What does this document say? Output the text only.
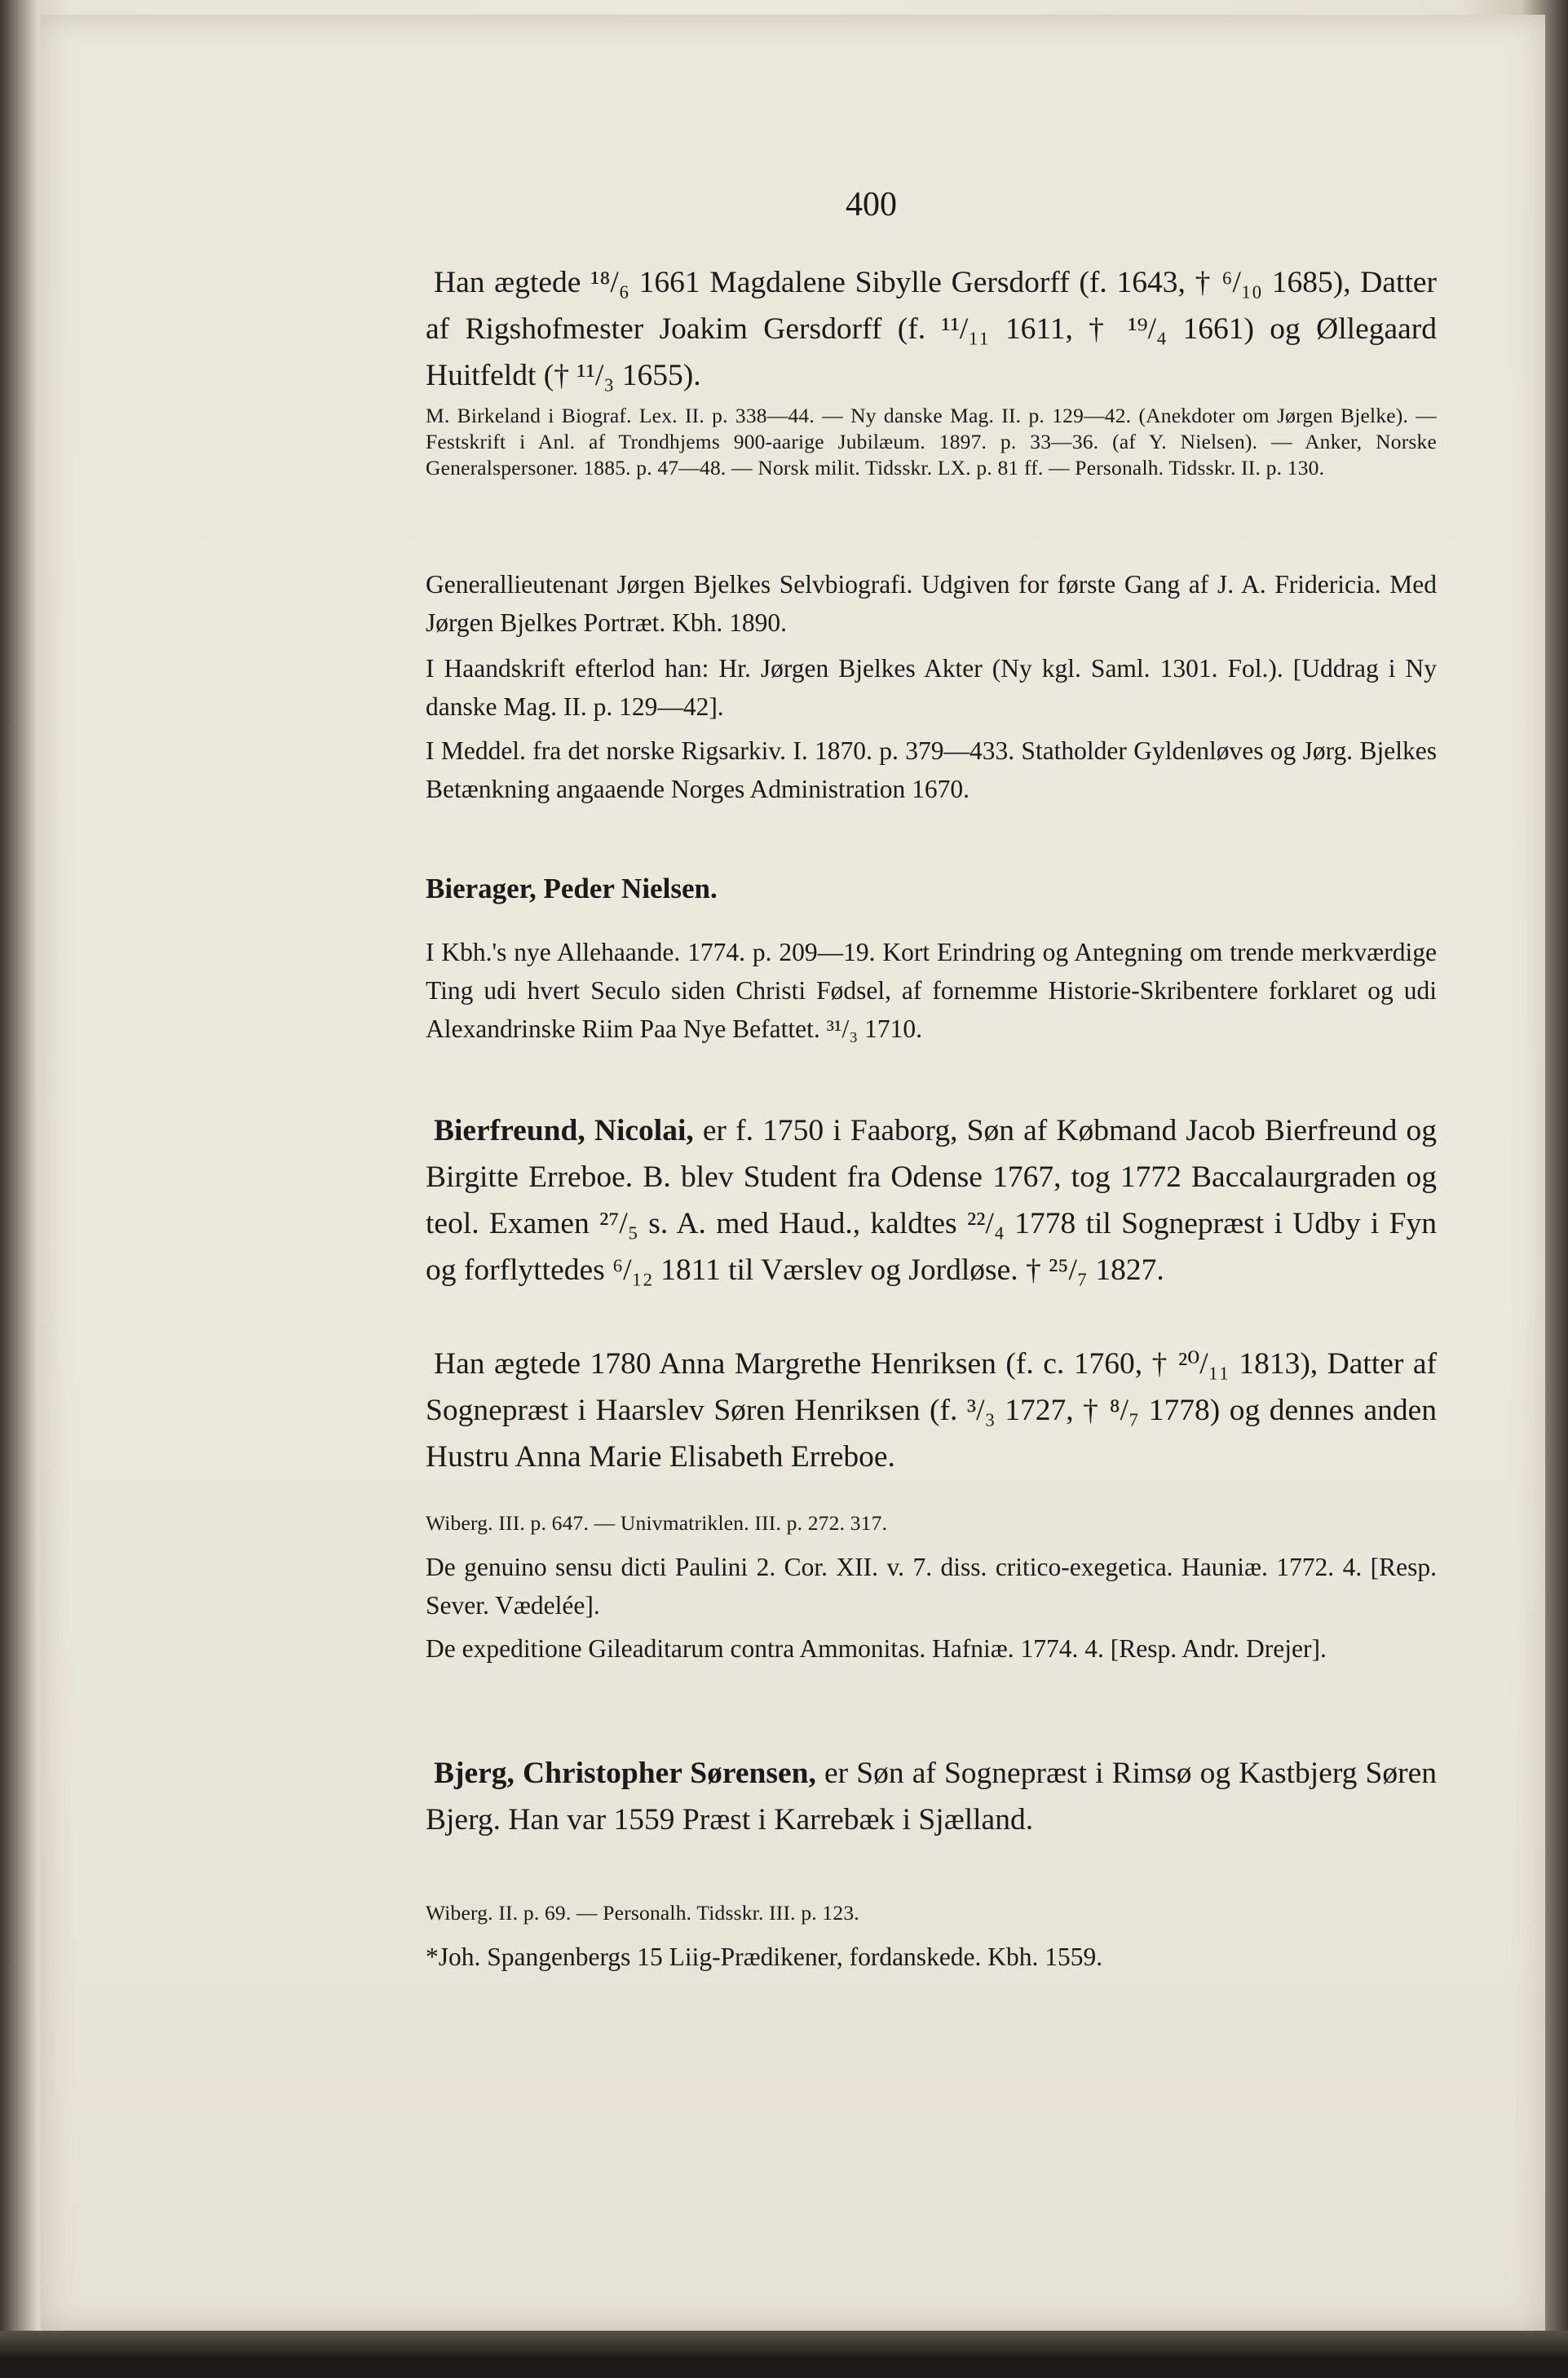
400

Han ægtede ¹⁸/₆ 1661 Magdalene Sibylle Gersdorff (f. 1643, † ⁶/₁₀ 1685), Datter af Rigshofmester Joakim Gersdorff (f. ¹¹/₁₁ 1611, † ¹⁹/₄ 1661) og Øllegaard Huitfeldt († ¹¹/₃ 1655).

M. Birkeland i Biograf. Lex. II. p. 338—44. — Ny danske Mag. II. p. 129—42. (Anekdoter om Jørgen Bjelke). — Festskrift i Anl. af Trondhjems 900-aarige Jubilæum. 1897. p. 33—36. (af Y. Nielsen). — Anker, Norske Generalspersoner. 1885. p. 47—48. — Norsk milit. Tidsskr. LX. p. 81 ff. — Personalh. Tidsskr. II. p. 130.

Generallieutenant Jørgen Bjelkes Selvbiografi. Udgiven for første Gang af J. A. Fridericia. Med Jørgen Bjelkes Portræt. Kbh. 1890.

I Haandskrift efterlod han: Hr. Jørgen Bjelkes Akter (Ny kgl. Saml. 1301. Fol.). [Uddrag i Ny danske Mag. II. p. 129—42].

I Meddel. fra det norske Rigsarkiv. I. 1870. p. 379—433. Statholder Gyldenløves og Jørg. Bjelkes Betænkning angaaende Norges Administration 1670.

Bierager, Peder Nielsen.

I Kbh.'s nye Allehaande. 1774. p. 209—19. Kort Erindring og Antegning om trende merkværdige Ting udi hvert Seculo siden Christi Fødsel, af fornemme Historie-Skribentere forklaret og udi Alexandrinske Riim Paa Nye Befattet. ³¹/₃ 1710.

Bierfreund, Nicolai, er f. 1750 i Faaborg, Søn af Købmand Jacob Bierfreund og Birgitte Erreboe. B. blev Student fra Odense 1767, tog 1772 Baccalaurgraden og teol. Examen ²⁷/₅ s. A. med Haud., kaldtes ²²/₄ 1778 til Sognepræst i Udby i Fyn og forflyttedes ⁶/₁₂ 1811 til Værslev og Jordløse. † ²⁵/₇ 1827.

Han ægtede 1780 Anna Margrethe Henriksen (f. c. 1760, † ²⁰/₁₁ 1813), Datter af Sognepræst i Haarslev Søren Henriksen (f. ³/₃ 1727, † ⁸/₇ 1778) og dennes anden Hustru Anna Marie Elisabeth Erreboe.

Wiberg. III. p. 647. — Univmatriklen. III. p. 272. 317.

De genuino sensu dicti Paulini 2. Cor. XII. v. 7. diss. critico-exegetica. Hauniæ. 1772. 4. [Resp. Sever. Vædelée].

De expeditione Gileaditarum contra Ammonitas. Hafniæ. 1774. 4. [Resp. Andr. Drejer].

Bjerg, Christopher Sørensen, er Søn af Sognepræst i Rimsø og Kastbjerg Søren Bjerg. Han var 1559 Præst i Karrebæk i Sjælland.

Wiberg. II. p. 69. — Personalh. Tidsskr. III. p. 123.

*Joh. Spangenbergs 15 Liig-Prædikener, fordanskede. Kbh. 1559.
